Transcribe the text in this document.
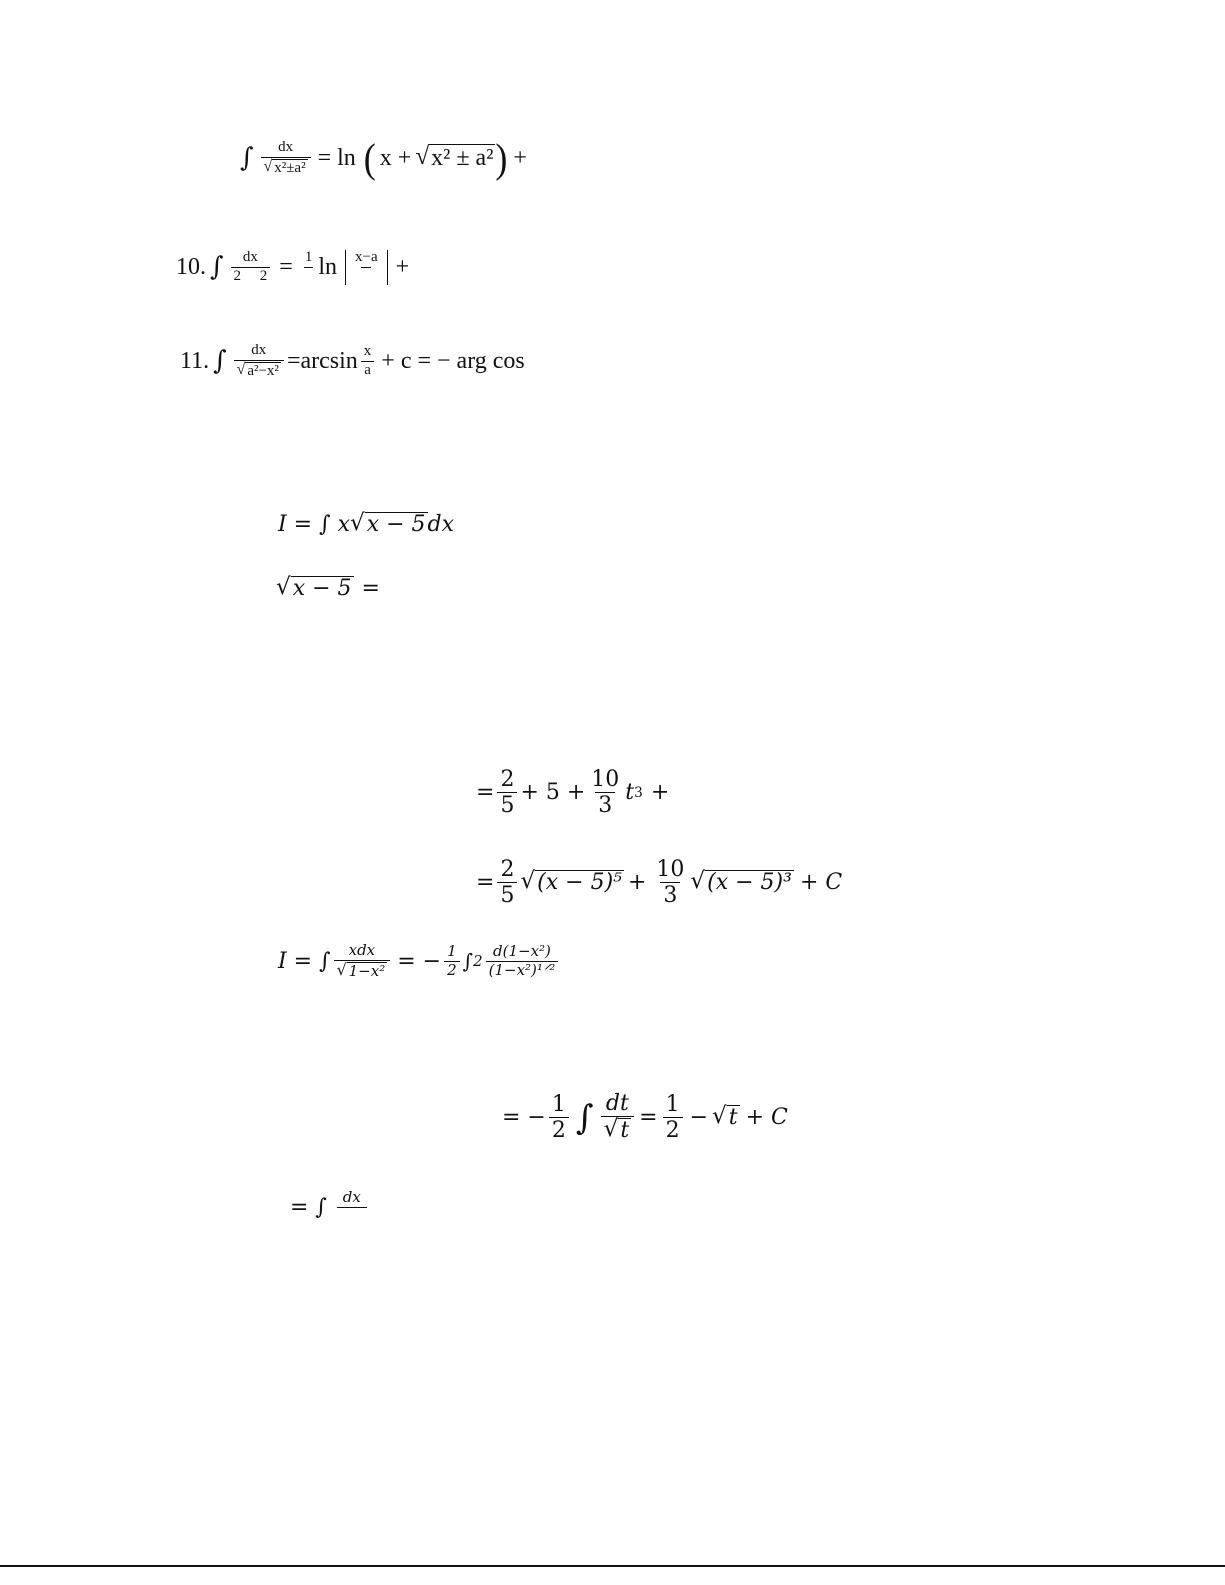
∫ $\frac{dx}{\text{√ x²±a²}} = \ln$ ( x + √ x² ± a² ) +
10. ∫ $\frac{dx}{2 2} = 1$
ln x−a
+
11. ∫ $\frac{dx}{\text{√ a²−x²}} =\arcsin \frac{x}{a} + c$ = − arg cos
I = ∫ x √ x − 5 dx
√ x − 5 =
= $\frac{2}{5} + 5 + \frac{10}{3}$ t 3 +
= $\frac{2}{5}$ √ $(x - 5)^5 + \frac{10}{3}$ √ (x − 5)³ + C
I = ∫ $\frac{\text{xdx}}{\text{√ 1−x²}}$ = − $\frac{1}{2}$ ∫ $2 \frac{\text{d(1−x²)}}{\text{(1−x²)¹ᐟ²}}$
= − $\frac{1}{2}$ ∫ $\frac{dt}{√ t} = \frac{1}{2}$ − √ t + C
= ∫ dx
